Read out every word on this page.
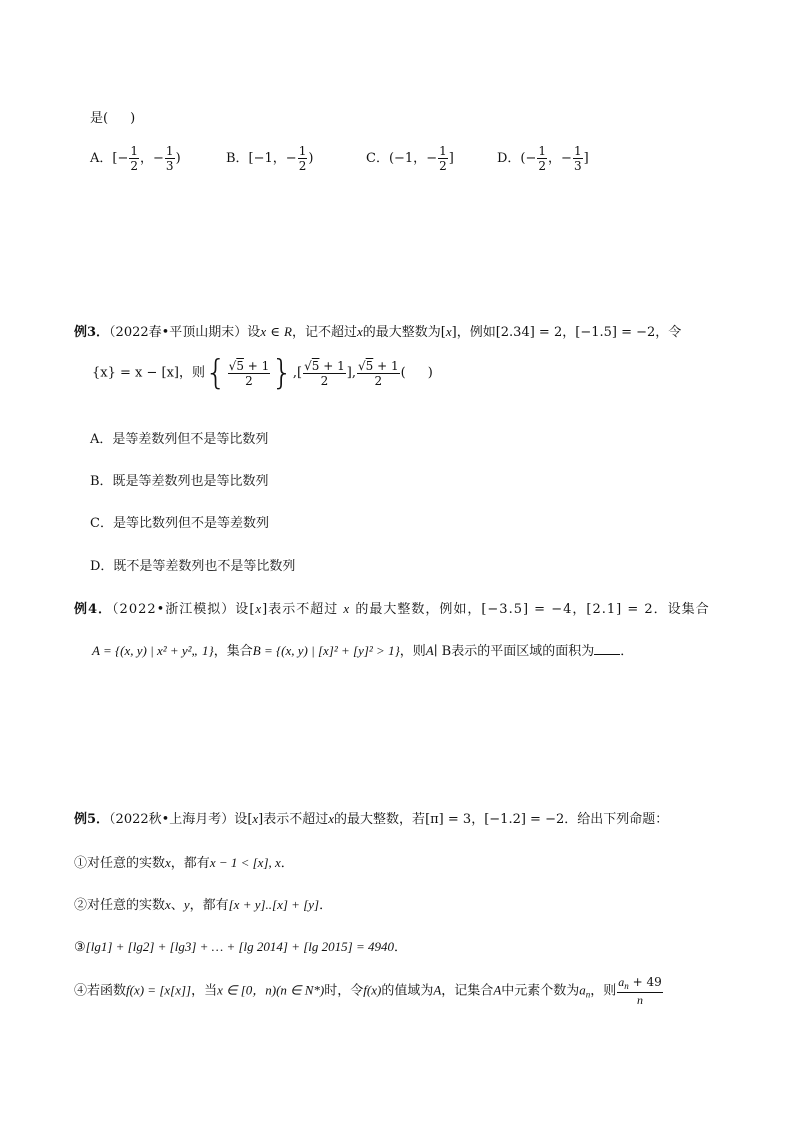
是( )
A．[− $\frac{1}{2}$ ，− $\frac{1}{3}$ )	B．[−1，− $\frac{1}{2}$ )	C．(−1，− $\frac{1}{2}$ ]	D．(− $\frac{1}{2}$ ，− $\frac{1}{3}$ ]
例3．（2022春•平顶山期末）设x ∈ R，记不超过x的最大整数为[x]，例如[2.34] = 2，[−1.5] = −2，令
{x} = x − [x]，则{ $\frac{√5 + 1}{2}$ },[ $\frac{√5 + 1}{2}$ ], $\frac{√5 + 1}{2}$ ( )
A．是等差数列但不是等比数列
B．既是等差数列也是等比数列
C．是等比数列但不是等差数列
D．既不是等差数列也不是等比数列
例4．（2022•浙江模拟）设[x]表示不超过 x 的最大整数，例如，[−3.5] = −4，[2.1] = 2．设集合
A = {(x, y) | x² + y²„ 1}，集合B = {(x, y) | [x]² + [y]² > 1}，则A∣ B表示的平面区域的面积为 ．
例5．（2022秋•上海月考）设[x]表示不超过x的最大整数，若[π] = 3，[−1.2] = −2．给出下列命题：
①对任意的实数x，都有x − 1 < [x], x．
②对任意的实数x、y，都有[x + y]..[x] + [y]．
③[lg1] + [lg2] + [lg3] + … + [lg 2014] + [lg 2015] = 4940．
④若函数f(x) = [x[x]]，当x ∈ [0，n)(n ∈ N*)时，令f(x)的值域为A，记集合A中元素个数为$a_n$，则 $\frac{a_n + 49}{n}$
